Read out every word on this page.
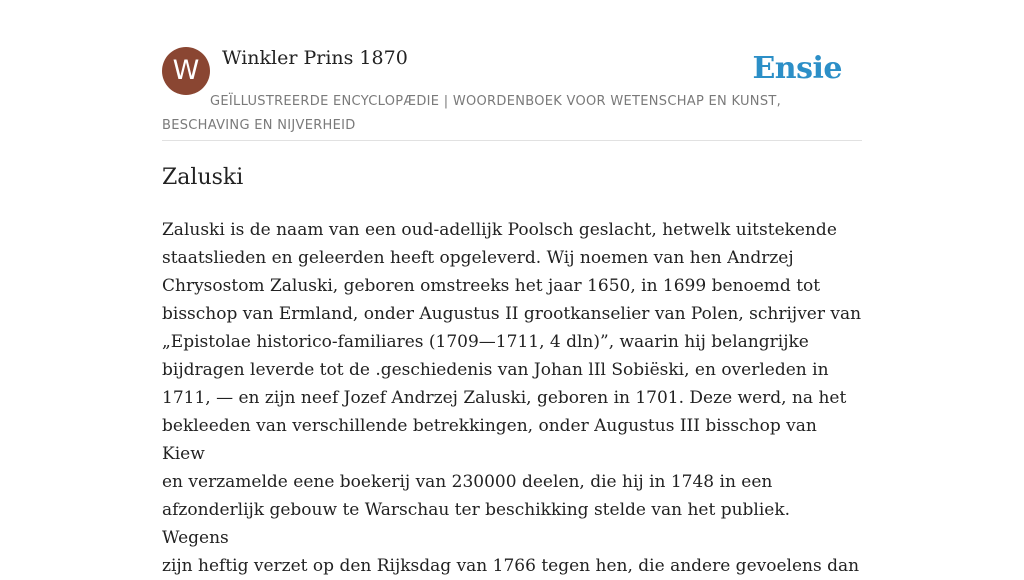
W	Winkler Prins 1870	Ensie
GEÏLLUSTREERDE ENCYCLOPÆDIE | WOORDENBOEK VOOR WETENSCHAP EN KUNST, BESCHAVING EN NIJVERHEID
Zaluski

Zaluski is de naam van een oud-adellijk Poolsch geslacht, hetwelk uitstekende
staatslieden en geleerden heeft opgeleverd. Wij noemen van hen Andrzej
Chrysostom Zaluski, geboren omstreeks het jaar 1650, in 1699 benoemd tot
bisschop van Ermland, onder Augustus II grootkanselier van Polen, schrijver van
„Epistolae historico-familiares (1709—1711, 4 dln)”, waarin hij belangrijke
bijdragen leverde tot de .geschiedenis van Johan lIl Sobiëski, en overleden in
1711, — en zijn neef Jozef Andrzej Zaluski, geboren in 1701. Deze werd, na het
bekleeden van verschillende betrekkingen, onder Augustus III bisschop van Kiew
en verzamelde eene boekerij van 230000 deelen, die hij in 1748 in een
afzonderlijk gebouw te Warschau ter beschikking stelde van het publiek. Wegens
zijn heftig verzet op den Rijksdag van 1766 tegen hen, die andere gevoelens dan
